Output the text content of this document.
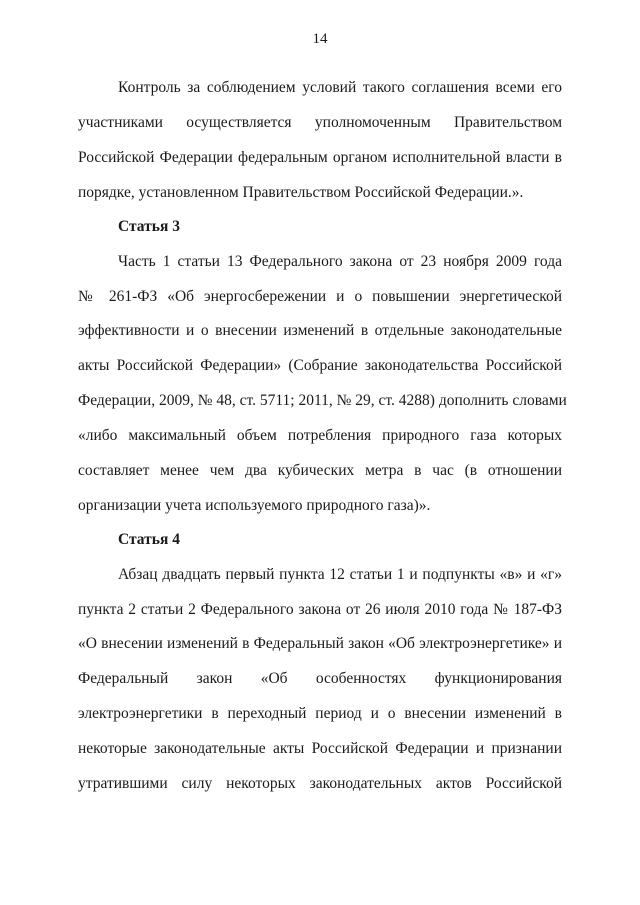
14
Контроль за соблюдением условий такого соглашения всеми его
участниками осуществляется уполномоченным Правительством
Российской Федерации федеральным органом исполнительной власти в
порядке, установленном Правительством Российской Федерации.».
Статья 3
Часть 1 статьи 13 Федерального закона от 23 ноября 2009 года
№ 261-ФЗ «Об энергосбережении и о повышении энергетической
эффективности и о внесении изменений в отдельные законодательные
акты Российской Федерации» (Собрание законодательства Российской
Федерации, 2009, № 48, ст. 5711; 2011, № 29, ст. 4288) дополнить словами
«либо максимальный объем потребления природного газа которых
составляет менее чем два кубических метра в час (в отношении
организации учета используемого природного газа)».
Статья 4
Абзац двадцать первый пункта 12 статьи 1 и подпункты «в» и «г»
пункта 2 статьи 2 Федерального закона от 26 июля 2010 года № 187-ФЗ
«О внесении изменений в Федеральный закон «Об электроэнергетике» и
Федеральный закон «Об особенностях функционирования
электроэнергетики в переходный период и о внесении изменений в
некоторые законодательные акты Российской Федерации и признании
утратившими силу некоторых законодательных актов Российской
